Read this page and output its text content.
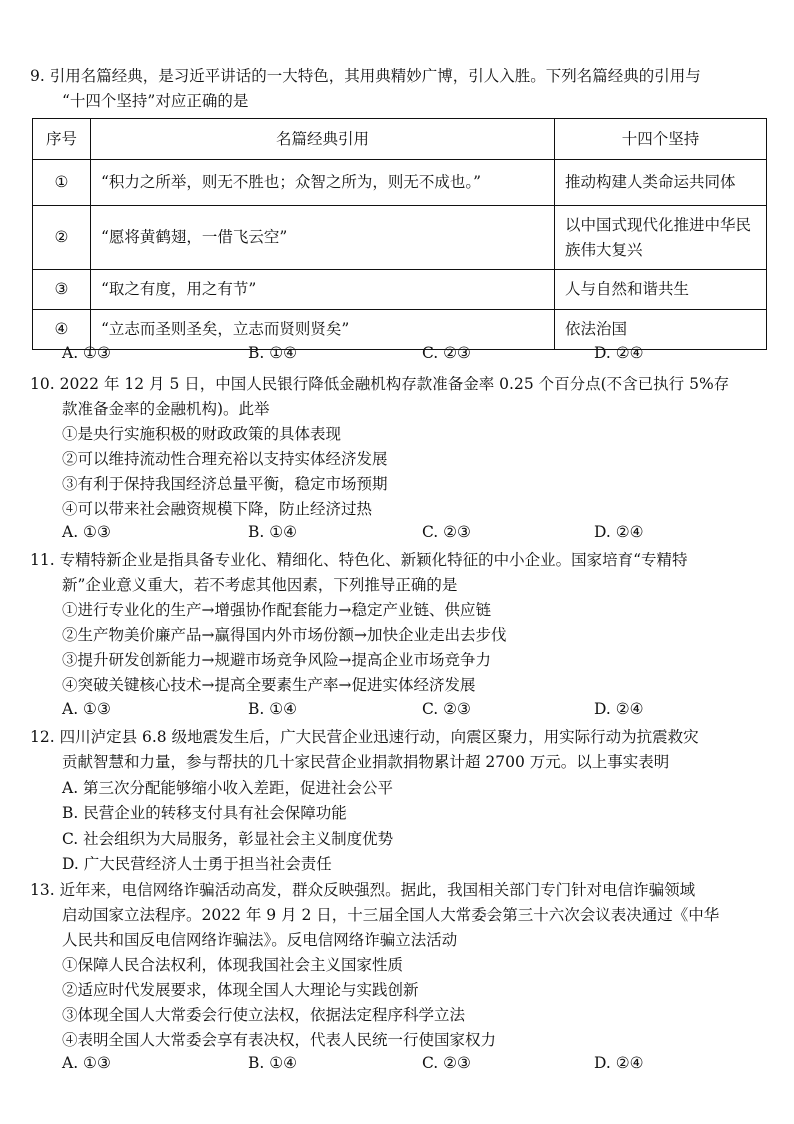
9. 引用名篇经典，是习近平讲话的一大特色，其用典精妙广博，引人入胜。下列名篇经典的引用与
“十四个坚持”对应正确的是
序号	名篇经典引用	十四个坚持
①	“积力之所举，则无不胜也；众智之所为，则无不成也。”	推动构建人类命运共同体
②	“愿将黄鹤翅，一借飞云空”	以中国式现代化推进中华民族伟大复兴
③	“取之有度，用之有节”	人与自然和谐共生
④	“立志而圣则圣矣，立志而贤则贤矣”	依法治国
A. ①③	B. ①④	C. ②③	D. ②④
10. 2022 年 12 月 5 日，中国人民银行降低金融机构存款准备金率 0.25 个百分点(不含已执行 5%存
款准备金率的金融机构)。此举
①是央行实施积极的财政政策的具体表现
②可以维持流动性合理充裕以支持实体经济发展
③有利于保持我国经济总量平衡，稳定市场预期
④可以带来社会融资规模下降，防止经济过热
A. ①③	B. ①④	C. ②③	D. ②④
11. 专精特新企业是指具备专业化、精细化、特色化、新颖化特征的中小企业。国家培育“专精特
新”企业意义重大，若不考虑其他因素，下列推导正确的是
①进行专业化的生产→增强协作配套能力→稳定产业链、供应链
②生产物美价廉产品→赢得国内外市场份额→加快企业走出去步伐
③提升研发创新能力→规避市场竞争风险→提高企业市场竞争力
④突破关键核心技术→提高全要素生产率→促进实体经济发展
A. ①③	B. ①④	C. ②③	D. ②④
12. 四川泸定县 6.8 级地震发生后，广大民营企业迅速行动，向震区聚力，用实际行动为抗震救灾
贡献智慧和力量，参与帮扶的几十家民营企业捐款捐物累计超 2700 万元。以上事实表明
A. 第三次分配能够缩小收入差距，促进社会公平
B. 民营企业的转移支付具有社会保障功能
C. 社会组织为大局服务，彰显社会主义制度优势
D. 广大民营经济人士勇于担当社会责任
13. 近年来，电信网络诈骗活动高发，群众反映强烈。据此，我国相关部门专门针对电信诈骗领域
启动国家立法程序。2022 年 9 月 2 日，十三届全国人大常委会第三十六次会议表决通过《中华
人民共和国反电信网络诈骗法》。反电信网络诈骗立法活动
①保障人民合法权利，体现我国社会主义国家性质
②适应时代发展要求，体现全国人大理论与实践创新
③体现全国人大常委会行使立法权，依据法定程序科学立法
④表明全国人大常委会享有表决权，代表人民统一行使国家权力
A. ①③	B. ①④	C. ②③	D. ②④
